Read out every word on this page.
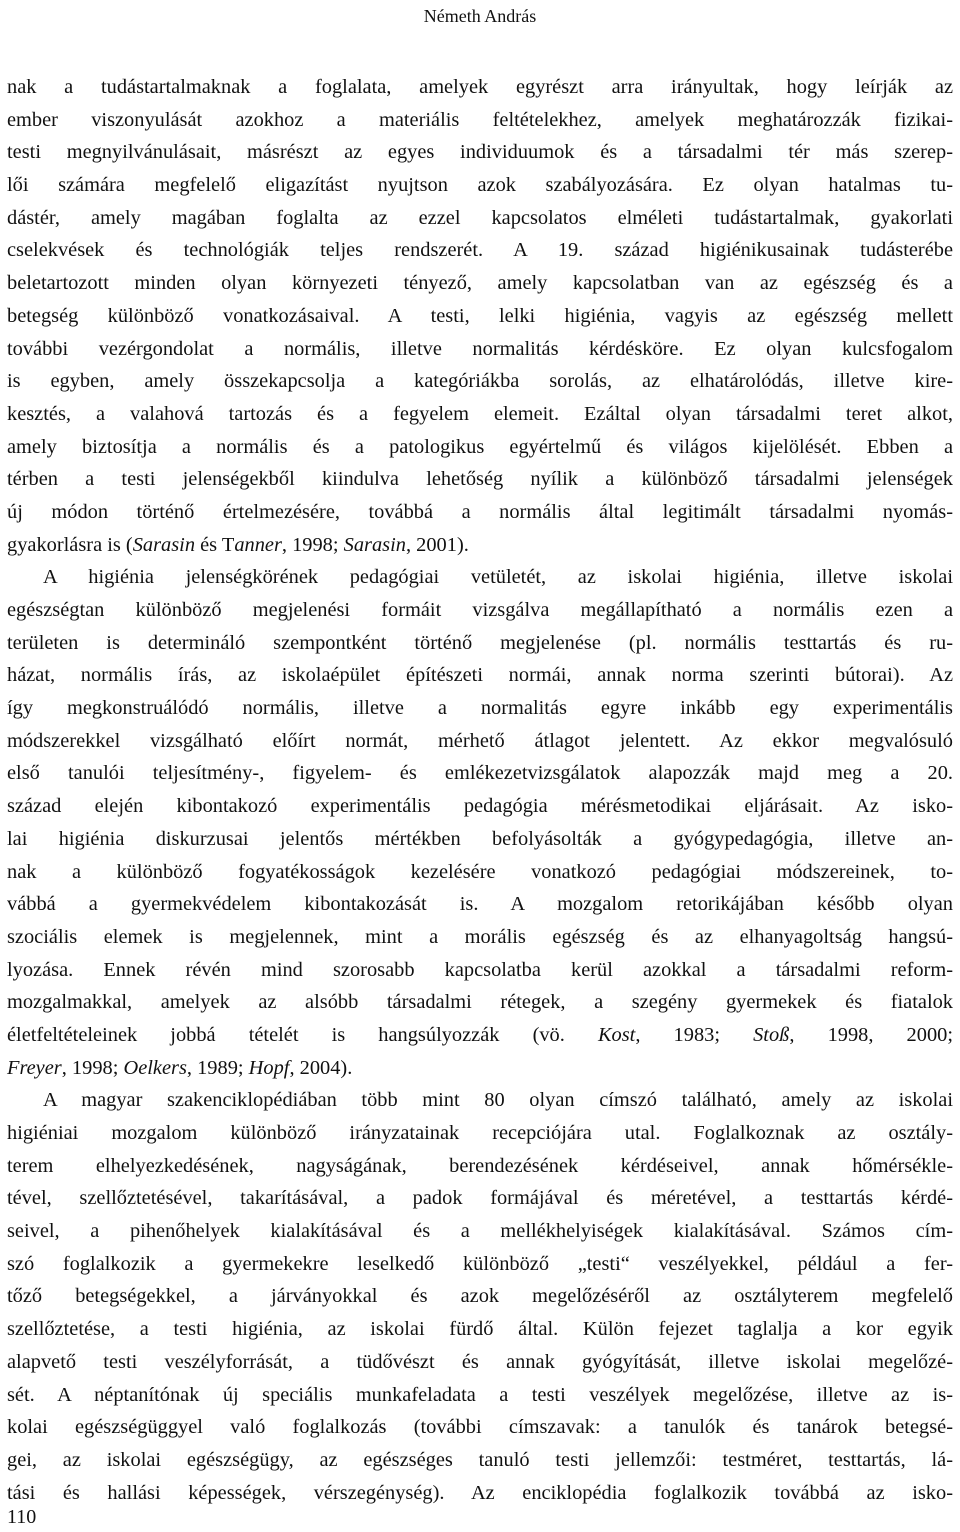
Németh András
nak a tudástartalmaknak a foglalata, amelyek egyrészt arra irányultak, hogy leírják az
ember viszonyulását azokhoz a materiális feltételekhez, amelyek meghatározzák fizikai-
testi megnyilvánulásait, másrészt az egyes individuumok és a társadalmi tér más szerep-
lői számára megfelelő eligazítást nyujtson azok szabályozására. Ez olyan hatalmas tu-
dástér, amely magában foglalta az ezzel kapcsolatos elméleti tudástartalmak, gyakorlati
cselekvések és technológiák teljes rendszerét. A 19. század higiénikusainak tudásterébe
beletartozott minden olyan környezeti tényező, amely kapcsolatban van az egészség és a
betegség különböző vonatkozásaival. A testi, lelki higiénia, vagyis az egészség mellett
további vezérgondolat a normális, illetve normalitás kérdésköre. Ez olyan kulcsfogalom
is egyben, amely összekapcsolja a kategóriákba sorolás, az elhatárolódás, illetve kire-
kesztés, a valahová tartozás és a fegyelem elemeit. Ezáltal olyan társadalmi teret alkot,
amely biztosítja a normális és a patologikus egyértelmű és világos kijelölését. Ebben a
térben a testi jelenségekből kiindulva lehetőség nyílik a különböző társadalmi jelenségek
új módon történő értelmezésére, továbbá a normális által legitimált társadalmi nyomás-
gyakorlásra is (Sarasin és Tanner, 1998; Sarasin, 2001).
A higiénia jelenségkörének pedagógiai vetületét, az iskolai higiénia, illetve iskolai
egészségtan különböző megjelenési formáit vizsgálva megállapítható a normális ezen a
területen is determináló szempontként történő megjelenése (pl. normális testtartás és ru-
házat, normális írás, az iskolaépület építészeti normái, annak norma szerinti bútorai). Az
így megkonstruálódó normális, illetve a normalitás egyre inkább egy experimentális
módszerekkel vizsgálható előírt normát, mérhető átlagot jelentett. Az ekkor megvalósuló
első tanulói teljesítmény-, figyelem- és emlékezetvizsgálatok alapozzák majd meg a 20.
század elején kibontakozó experimentális pedagógia mérésmetodikai eljárásait. Az isko-
lai higiénia diskurzusai jelentős mértékben befolyásolták a gyógypedagógia, illetve an-
nak a különböző fogyatékosságok kezelésére vonatkozó pedagógiai módszereinek, to-
vábbá a gyermekvédelem kibontakozását is. A mozgalom retorikájában később olyan
szociális elemek is megjelennek, mint a morális egészség és az elhanyagoltság hangsú-
lyozása. Ennek révén mind szorosabb kapcsolatba kerül azokkal a társadalmi reform-
mozgalmakkal, amelyek az alsóbb társadalmi rétegek, a szegény gyermekek és fiatalok
életfeltételeinek jobbá tételét is hangsúlyozzák (vö. Kost, 1983; Stoß, 1998, 2000;
Freyer, 1998; Oelkers, 1989; Hopf, 2004).
A magyar szakenciklopédiában több mint 80 olyan címszó található, amely az iskolai
higiéniai mozgalom különböző irányzatainak recepciójára utal. Foglalkoznak az osztály-
terem elhelyezkedésének, nagyságának, berendezésének kérdéseivel, annak hőmérsékle-
tével, szellőztetésével, takarításával, a padok formájával és méretével, a testtartás kérdé-
seivel, a pihenőhelyek kialakításával és a mellékhelyiségek kialakításával. Számos cím-
szó foglalkozik a gyermekekre leselkedő különböző „testi“ veszélyekkel, például a fer-
tőző betegségekkel, a járványokkal és azok megelőzéséről az osztályterem megfelelő
szellőztetése, a testi higiénia, az iskolai fürdő által. Külön fejezet taglalja a kor egyik
alapvető testi veszélyforrását, a tüdővészt és annak gyógyítását, illetve iskolai megelőzé-
sét. A néptanítónak új speciális munkafeladata a testi veszélyek megelőzése, illetve az is-
kolai egészségüggyel való foglalkozás (további címszavak: a tanulók és tanárok betegsé-
gei, az iskolai egészségügy, az egészséges tanuló testi jellemzői: testméret, testtartás, lá-
tási és hallási képességek, vérszegénység). Az enciklopédia foglalkozik továbbá az isko-
110
